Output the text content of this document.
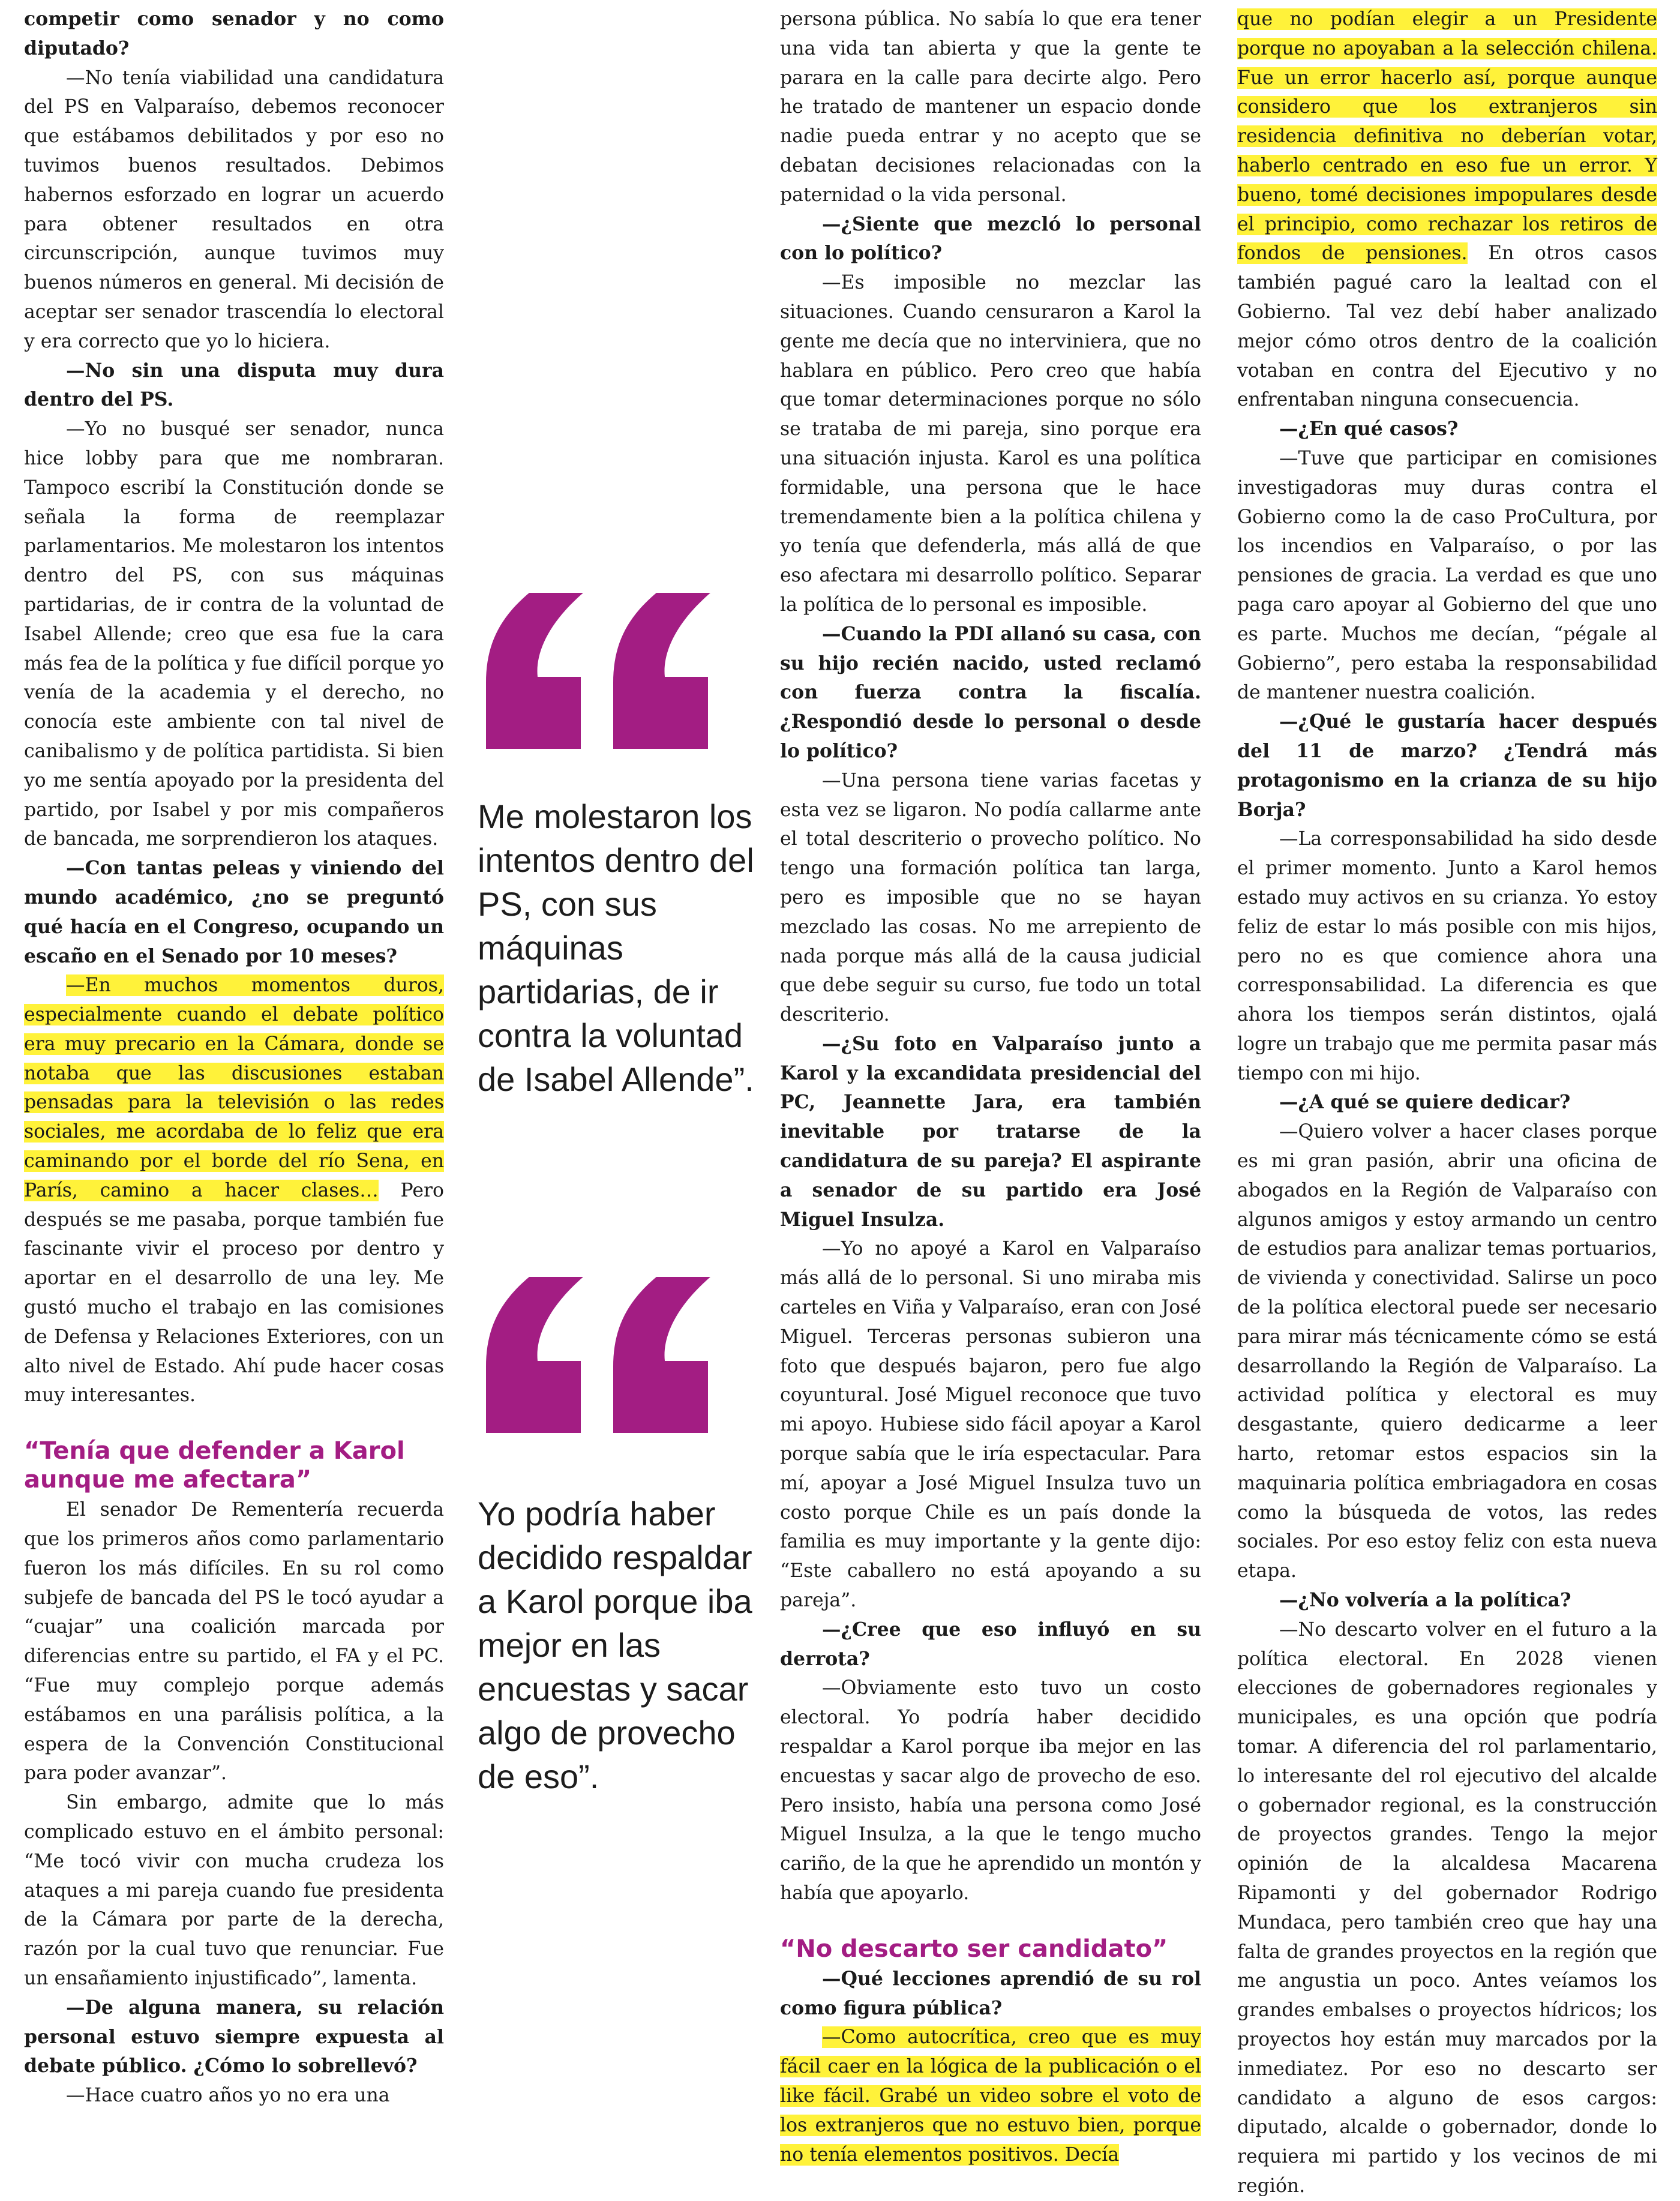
competir como senador y no como diputado?

—No tenía viabilidad una candidatura del PS en Valparaíso, debemos reconocer que estábamos debilitados y por eso no tuvimos buenos resultados. Debimos habernos esforzado en lograr un acuerdo para obtener resultados en otra circunscripción, aunque tuvimos muy buenos números en general. Mi decisión de aceptar ser senador trascendía lo electoral y era correcto que yo lo hiciera.

—No sin una disputa muy dura dentro del PS.

—Yo no busqué ser senador, nunca hice lobby para que me nombraran. Tampoco escribí la Constitución donde se señala la forma de reemplazar parlamentarios. Me molestaron los intentos dentro del PS, con sus máquinas partidarias, de ir contra de la voluntad de Isabel Allende; creo que esa fue la cara más fea de la política y fue difícil porque yo venía de la academia y el derecho, no conocía este ambiente con tal nivel de canibalismo y de política partidista. Si bien yo me sentía apoyado por la presidenta del partido, por Isabel y por mis compañeros de bancada, me sorprendieron los ataques.

—Con tantas peleas y viniendo del mundo académico, ¿no se preguntó qué hacía en el Congreso, ocupando un escaño en el Senado por 10 meses?

—En muchos momentos duros, especialmente cuando el debate político era muy precario en la Cámara, donde se notaba que las discusiones estaban pensadas para la televisión o las redes sociales, me acordaba de lo feliz que era caminando por el borde del río Sena, en París, camino a hacer clases… Pero después se me pasaba, porque también fue fascinante vivir el proceso por dentro y aportar en el desarrollo de una ley. Me gustó mucho el trabajo en las comisiones de Defensa y Relaciones Exteriores, con un alto nivel de Estado. Ahí pude hacer cosas muy interesantes.

“Tenía que defender a Karol aunque me afectara”

El senador De Rementería recuerda que los primeros años como parlamentario fueron los más difíciles. En su rol como subjefe de bancada del PS le tocó ayudar a “cuajar” una coalición marcada por diferencias entre su partido, el FA y el PC. “Fue muy complejo porque además estábamos en una parálisis política, a la espera de la Convención Constitucional para poder avanzar”.

Sin embargo, admite que lo más complicado estuvo en el ámbito personal: “Me tocó vivir con mucha crudeza los ataques a mi pareja cuando fue presidenta de la Cámara por parte de la derecha, razón por la cual tuvo que renunciar. Fue un ensañamiento injustificado”, lamenta.

—De alguna manera, su relación personal estuvo siempre expuesta al debate público. ¿Cómo lo sobrellevó?

—Hace cuatro años yo no era una

Me molestaron los intentos dentro del PS, con sus máquinas partidarias, de ir contra la voluntad de Isabel Allende”.
Yo podría haber decidido respaldar a Karol porque iba mejor en las encuestas y sacar algo de provecho de eso”.

persona pública. No sabía lo que era tener una vida tan abierta y que la gente te parara en la calle para decirte algo. Pero he tratado de mantener un espacio donde nadie pueda entrar y no acepto que se debatan decisiones relacionadas con la paternidad o la vida personal.

—¿Siente que mezcló lo personal con lo político?

—Es imposible no mezclar las situaciones. Cuando censuraron a Karol la gente me decía que no interviniera, que no hablara en público. Pero creo que había que tomar determinaciones porque no sólo se trataba de mi pareja, sino porque era una situación injusta. Karol es una política formidable, una persona que le hace tremendamente bien a la política chilena y yo tenía que defenderla, más allá de que eso afectara mi desarrollo político. Separar la política de lo personal es imposible.

—Cuando la PDI allanó su casa, con su hijo recién nacido, usted reclamó con fuerza contra la fiscalía. ¿Respondió desde lo personal o desde lo político?

—Una persona tiene varias facetas y esta vez se ligaron. No podía callarme ante el total descriterio o provecho político. No tengo una formación política tan larga, pero es imposible que no se hayan mezclado las cosas. No me arrepiento de nada porque más allá de la causa judicial que debe seguir su curso, fue todo un total descriterio.

—¿Su foto en Valparaíso junto a Karol y la excandidata presidencial del PC, Jeannette Jara, era también inevitable por tratarse de la candidatura de su pareja? El aspirante a senador de su partido era José Miguel Insulza.

—Yo no apoyé a Karol en Valparaíso más allá de lo personal. Si uno miraba mis carteles en Viña y Valparaíso, eran con José Miguel. Terceras personas subieron una foto que después bajaron, pero fue algo coyuntural. José Miguel reconoce que tuvo mi apoyo. Hubiese sido fácil apoyar a Karol porque sabía que le iría espectacular. Para mí, apoyar a José Miguel Insulza tuvo un costo porque Chile es un país donde la familia es muy importante y la gente dijo: “Este caballero no está apoyando a su pareja”.

—¿Cree que eso influyó en su derrota?

—Obviamente esto tuvo un costo electoral. Yo podría haber decidido respaldar a Karol porque iba mejor en las encuestas y sacar algo de provecho de eso. Pero insisto, había una persona como José Miguel Insulza, a la que le tengo mucho cariño, de la que he aprendido un montón y había que apoyarlo.

“No descarto ser candidato”

—Qué lecciones aprendió de su rol como figura pública?

—Como autocrítica, creo que es muy fácil caer en la lógica de la publicación o el like fácil. Grabé un video sobre el voto de los extranjeros que no estuvo bien, porque no tenía elementos positivos. Decía

que no podían elegir a un Presidente porque no apoyaban a la selección chilena. Fue un error hacerlo así, porque aunque considero que los extranjeros sin residencia definitiva no deberían votar, haberlo centrado en eso fue un error. Y bueno, tomé decisiones impopulares desde el principio, como rechazar los retiros de fondos de pensiones. En otros casos también pagué caro la lealtad con el Gobierno. Tal vez debí haber analizado mejor cómo otros dentro de la coalición votaban en contra del Ejecutivo y no enfrentaban ninguna consecuencia.

—¿En qué casos?

—Tuve que participar en comisiones investigadoras muy duras contra el Gobierno como la de caso ProCultura, por los incendios en Valparaíso, o por las pensiones de gracia. La verdad es que uno paga caro apoyar al Gobierno del que uno es parte. Muchos me decían, “pégale al Gobierno”, pero estaba la responsabilidad de mantener nuestra coalición.

—¿Qué le gustaría hacer después del 11 de marzo? ¿Tendrá más protagonismo en la crianza de su hijo Borja?

—La corresponsabilidad ha sido desde el primer momento. Junto a Karol hemos estado muy activos en su crianza. Yo estoy feliz de estar lo más posible con mis hijos, pero no es que comience ahora una corresponsabilidad. La diferencia es que ahora los tiempos serán distintos, ojalá logre un trabajo que me permita pasar más tiempo con mi hijo.

—¿A qué se quiere dedicar?

—Quiero volver a hacer clases porque es mi gran pasión, abrir una oficina de abogados en la Región de Valparaíso con algunos amigos y estoy armando un centro de estudios para analizar temas portuarios, de vivienda y conectividad. Salirse un poco de la política electoral puede ser necesario para mirar más técnicamente cómo se está desarrollando la Región de Valparaíso. La actividad política y electoral es muy desgastante, quiero dedicarme a leer harto, retomar estos espacios sin la maquinaria política embriagadora en cosas como la búsqueda de votos, las redes sociales. Por eso estoy feliz con esta nueva etapa.

—¿No volvería a la política?

—No descarto volver en el futuro a la política electoral. En 2028 vienen elecciones de gobernadores regionales y municipales, es una opción que podría tomar. A diferencia del rol parlamentario, lo interesante del rol ejecutivo del alcalde o gobernador regional, es la construcción de proyectos grandes. Tengo la mejor opinión de la alcaldesa Macarena Ripamonti y del gobernador Rodrigo Mundaca, pero también creo que hay una falta de grandes proyectos en la región que me angustia un poco. Antes veíamos los grandes embalses o proyectos hídricos; los proyectos hoy están muy marcados por la inmediatez. Por eso no descarto ser candidato a alguno de esos cargos: diputado, alcalde o gobernador, donde lo requiera mi partido y los vecinos de mi región.
